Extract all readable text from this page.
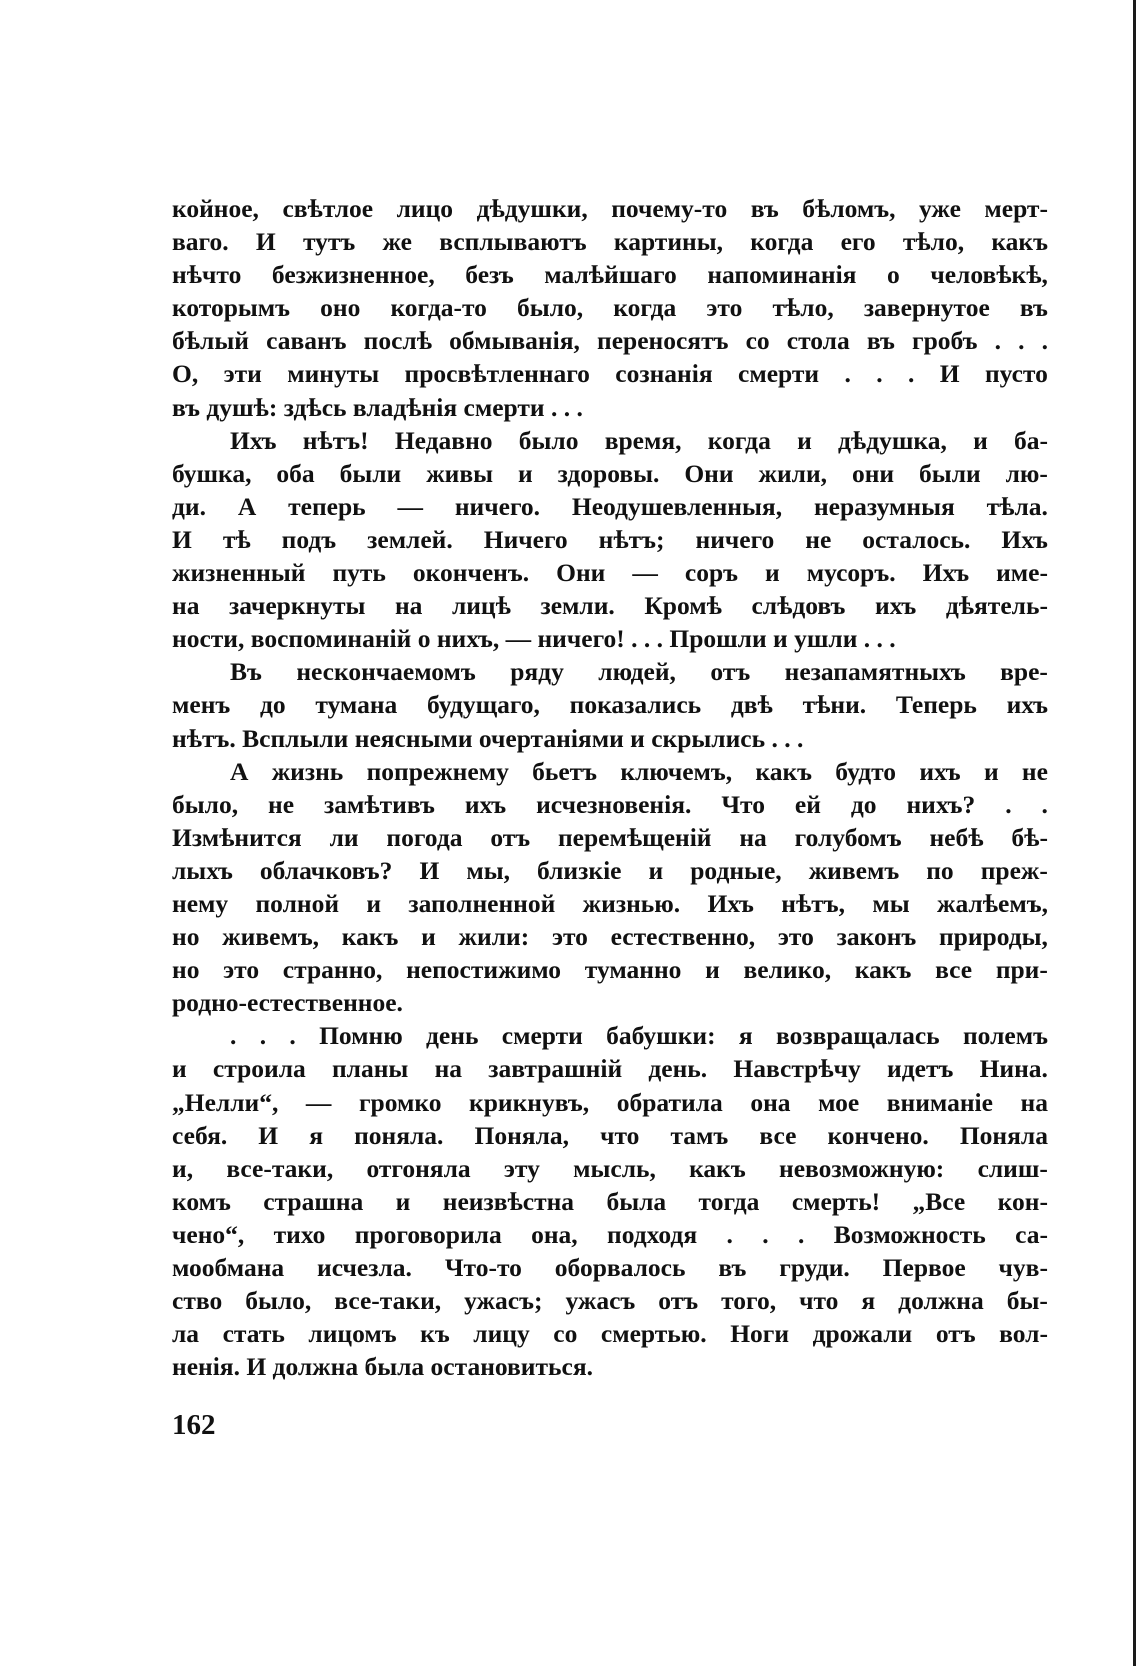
койное, свѣтлое лицо дѣдушки, почему-то въ бѣломъ, уже мерт-
ваго. И тутъ же всплываютъ картины, когда его тѣло, какъ
нѣчто безжизненное, безъ малѣйшаго напоминанія о человѣкѣ,
которымъ оно когда-то было, когда это тѣло, завернутое въ
бѣлый саванъ послѣ обмыванія, переносятъ со стола въ гробъ . . .
О, эти минуты просвѣтленнаго сознанія смерти . . . И пусто
въ душѣ: здѣсь владѣнія смерти . . .
Ихъ нѣтъ! Недавно было время, когда и дѣдушка, и ба-
бушка, оба были живы и здоровы. Они жили, они были лю-
ди. А теперь — ничего. Неодушевленныя, неразумныя тѣла.
И тѣ подъ землей. Ничего нѣтъ; ничего не осталось. Ихъ
жизненный путь оконченъ. Они — соръ и мусоръ. Ихъ име-
на зачеркнуты на лицѣ земли. Кромѣ слѣдовъ ихъ дѣятель-
ности, воспоминаній о нихъ, — ничего! . . . Прошли и ушли . . .
Въ нескончаемомъ ряду людей, отъ незапамятныхъ вре-
менъ до тумана будущаго, показались двѣ тѣни. Теперь ихъ
нѣтъ. Всплыли неясными очертаніями и скрылись . . .
А жизнь попрежнему бьетъ ключемъ, какъ будто ихъ и не
было, не замѣтивъ ихъ исчезновенія. Что ей до нихъ? . .
Измѣнится ли погода отъ перемѣщеній на голубомъ небѣ бѣ-
лыхъ облачковъ? И мы, близкіе и родные, живемъ по преж-
нему полной и заполненной жизнью. Ихъ нѣтъ, мы жалѣемъ,
но живемъ, какъ и жили: это естественно, это законъ природы,
но это странно, непостижимо туманно и велико, какъ все при-
родно-естественное.
. . . Помню день смерти бабушки: я возвращалась полемъ
и строила планы на завтрашній день. Навстрѣчу идетъ Нина.
„Нелли“, — громко крикнувъ, обратила она мое вниманіе на
себя. И я поняла. Поняла, что тамъ все кончено. Поняла
и, все-таки, отгоняла эту мысль, какъ невозможную: слиш-
комъ страшна и неизвѣстна была тогда смерть! „Все кон-
чено“, тихо проговорила она, подходя . . . Возможность са-
мообмана исчезла. Что-то оборвалось въ груди. Первое чув-
ство было, все-таки, ужасъ; ужасъ отъ того, что я должна бы-
ла стать лицомъ къ лицу со смертью. Ноги дрожали отъ вол-
ненія. И должна была остановиться.
162
